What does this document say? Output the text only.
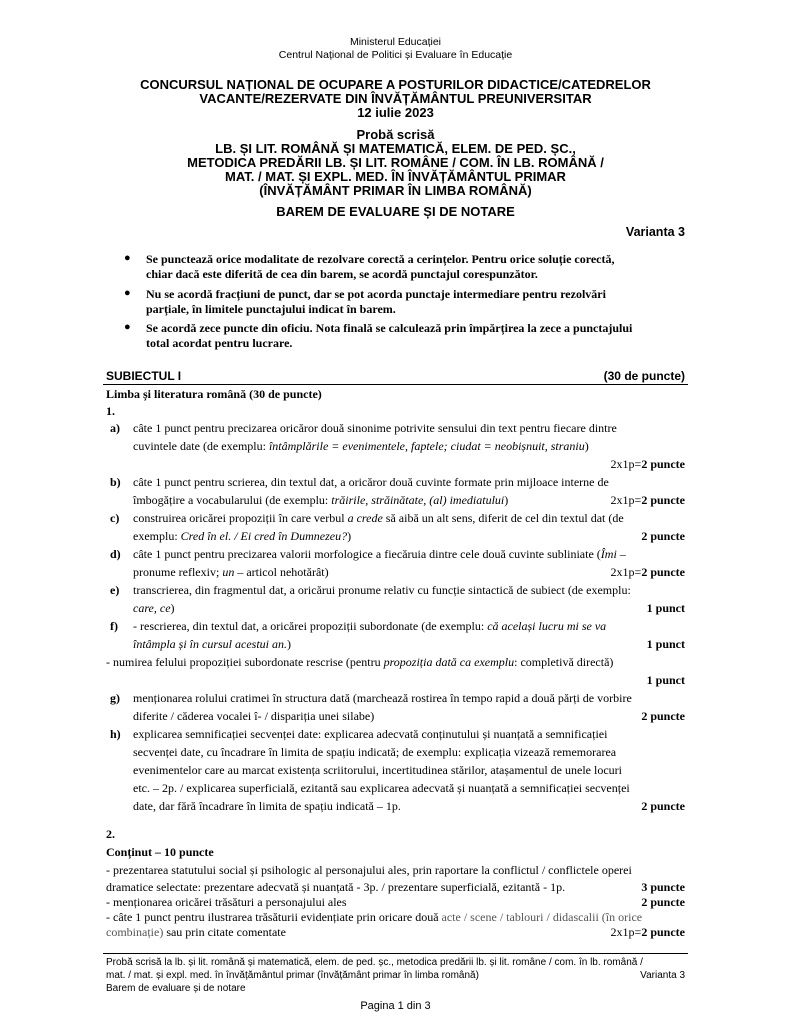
Ministerul Educației
Centrul Național de Politici și Evaluare în Educație
CONCURSUL NAȚIONAL DE OCUPARE A POSTURILOR DIDACTICE/CATEDRELOR
VACANTE/REZERVATE DIN ÎNVĂȚĂMÂNTUL PREUNIVERSITAR
12 iulie 2023
Probă scrisă
LB. ȘI LIT. ROMÂNĂ ȘI MATEMATICĂ, ELEM. DE PED. ȘC.,
METODICA PREDĂRII LB. ȘI LIT. ROMÂNE / COM. ÎN LB. ROMÂNĂ /
MAT. / MAT. ȘI EXPL. MED. ÎN ÎNVĂȚĂMÂNTUL PRIMAR
(ÎNVĂȚĂMÂNT PRIMAR ÎN LIMBA ROMÂNĂ)
BAREM DE EVALUARE ȘI DE NOTARE
Varianta 3
● Se punctează orice modalitate de rezolvare corectă a cerințelor. Pentru orice soluție corectă,
chiar dacă este diferită de cea din barem, se acordă punctajul corespunzător.
● Nu se acordă fracțiuni de punct, dar se pot acorda punctaje intermediare pentru rezolvări
parțiale, în limitele punctajului indicat în barem.
● Se acordă zece puncte din oficiu. Nota finală se calculează prin împărțirea la zece a punctajului
total acordat pentru lucrare.
SUBIECTUL I	(30 de puncte)
Limba și literatura română (30 de puncte)
1.
a) câte 1 punct pentru precizarea oricăror două sinonime potrivite sensului din text pentru fiecare dintre
cuvintele date (de exemplu: întâmplările = evenimentele, faptele; ciudat = neobișnuit, straniu)
2x1p=2 puncte
b) câte 1 punct pentru scrierea, din textul dat, a oricăror două cuvinte formate prin mijloace interne de
îmbogățire a vocabularului (de exemplu: trăirile, străinătate, (al) imediatului)	2x1p=2 puncte
c) construirea oricărei propoziții în care verbul a crede să aibă un alt sens, diferit de cel din textul dat (de
exemplu: Cred în el. / Ei cred în Dumnezeu?)	2 puncte
d) câte 1 punct pentru precizarea valorii morfologice a fiecăruia dintre cele două cuvinte subliniate (Îmi –
pronume reflexiv; un – articol nehotărât)	2x1p=2 puncte
e) transcrierea, din fragmentul dat, a oricărui pronume relativ cu funcție sintactică de subiect (de exemplu:
care, ce)	1 punct
f) - rescrierea, din textul dat, a oricărei propoziții subordonate (de exemplu: că același lucru mi se va
întâmpla și în cursul acestui an.)	1 punct
- numirea felului propoziției subordonate rescrise (pentru propoziția dată ca exemplu: completivă directă)
1 punct
g) menționarea rolului cratimei în structura dată (marchează rostirea în tempo rapid a două părți de vorbire
diferite / căderea vocalei î- / dispariția unei silabe)	2 puncte
h) explicarea semnificației secvenței date: explicarea adecvată conținutului și nuanțată a semnificației
secvenței date, cu încadrare în limita de spațiu indicată; de exemplu: explicația vizează rememorarea
evenimentelor care au marcat existența scriitorului, incertitudinea stărilor, atașamentul de unele locuri
etc. – 2p. / explicarea superficială, ezitantă sau explicarea adecvată și nuanțată a semnificației secvenței
date, dar fără încadrare în limita de spațiu indicată – 1p.	2 puncte
2.
Conținut – 10 puncte
- prezentarea statutului social și psihologic al personajului ales, prin raportare la conflictul / conflictele operei
dramatice selectate: prezentare adecvată și nuanțată - 3p. / prezentare superficială, ezitantă - 1p.	3 puncte
- menționarea oricărei trăsături a personajului ales	2 puncte
- câte 1 punct pentru ilustrarea trăsăturii evidențiate prin oricare două acte / scene / tablouri / didascalii (în orice
combinație) sau prin citate comentate	2x1p=2 puncte
Probă scrisă la lb. și lit. română și matematică, elem. de ped. șc., metodica predării lb. și lit. române / com. în lb. română /
mat. / mat. și expl. med. în învățământul primar (învățământ primar în limba română)	Varianta 3
Barem de evaluare și de notare
Pagina 1 din 3
